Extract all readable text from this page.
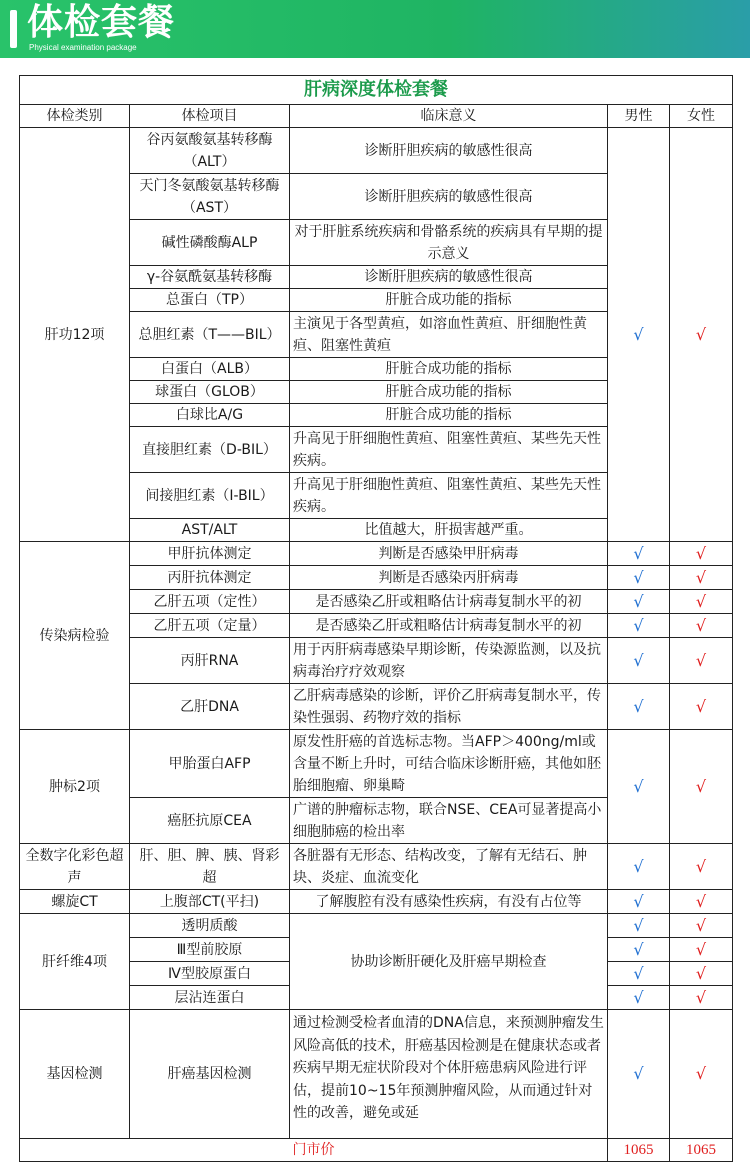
体检套餐
Physical examination package
肝病深度体检套餐				
体检类别	体检项目	临床意义	男性	女性
肝功12项	谷丙氨酸氨基转移酶（ALT）	诊断肝胆疾病的敏感性很高	√	√
	天门冬氨酸氨基转移酶（AST）	诊断肝胆疾病的敏感性很高		
	碱性磷酸酶ALP	对于肝脏系统疾病和骨骼系统的疾病具有早期的提示意义		
	γ-谷氨酰氨基转移酶	诊断肝胆疾病的敏感性很高		
	总蛋白（TP）	肝脏合成功能的指标		
	总胆红素（T——BIL）	主演见于各型黄疸，如溶血性黄疸、肝细胞性黄疸、阻塞性黄疸		
	白蛋白（ALB）	肝脏合成功能的指标		
	球蛋白（GLOB）	肝脏合成功能的指标		
	白球比A/G	肝脏合成功能的指标		
	直接胆红素（D-BIL）	升高见于肝细胞性黄疸、阻塞性黄疸、某些先天性疾病。		
	间接胆红素（I-BIL）	升高见于肝细胞性黄疸、阻塞性黄疸、某些先天性疾病。		
	AST/ALT	比值越大，肝损害越严重。		
传染病检验	甲肝抗体测定	判断是否感染甲肝病毒	√	√
	丙肝抗体测定	判断是否感染丙肝病毒	√	√
	乙肝五项（定性）	是否感染乙肝或粗略估计病毒复制水平的初	√	√
	乙肝五项（定量）	是否感染乙肝或粗略估计病毒复制水平的初	√	√
	丙肝RNA	用于丙肝病毒感染早期诊断，传染源监测，以及抗病毒治疗疗效观察	√	√
	乙肝DNA	乙肝病毒感染的诊断，评价乙肝病毒复制水平，传染性强弱、药物疗效的指标	√	√
肿标2项	甲胎蛋白AFP	原发性肝癌的首选标志物。当AFP＞400ng/ml或含量不断上升时，可结合临床诊断肝癌，其他如胚胎细胞瘤、卵巢畸	√	√
	癌胚抗原CEA	广谱的肿瘤标志物，联合NSE、CEA可显著提高小细胞肺癌的检出率		
全数字化彩色超声	肝、胆、脾、胰、肾彩超	各脏器有无形态、结构改变，了解有无结石、肿块、炎症、血流变化	√	√
螺旋CT	上腹部CT(平扫)	了解腹腔有没有感染性疾病，有没有占位等	√	√
肝纤维4项	透明质酸	协助诊断肝硬化及肝癌早期检查	√	√
	Ⅲ型前胶原		√	√
	Ⅳ型胶原蛋白		√	√
	层沾连蛋白		√	√
基因检测	肝癌基因检测	通过检测受检者血清的DNA信息，来预测肿瘤发生风险高低的技术，肝癌基因检测是在健康状态或者疾病早期无症状阶段对个体肝癌患病风险进行评估，提前10~15年预测肿瘤风险，从而通过针对性的改善，避免或延	√	√
门市价			1065	1065
